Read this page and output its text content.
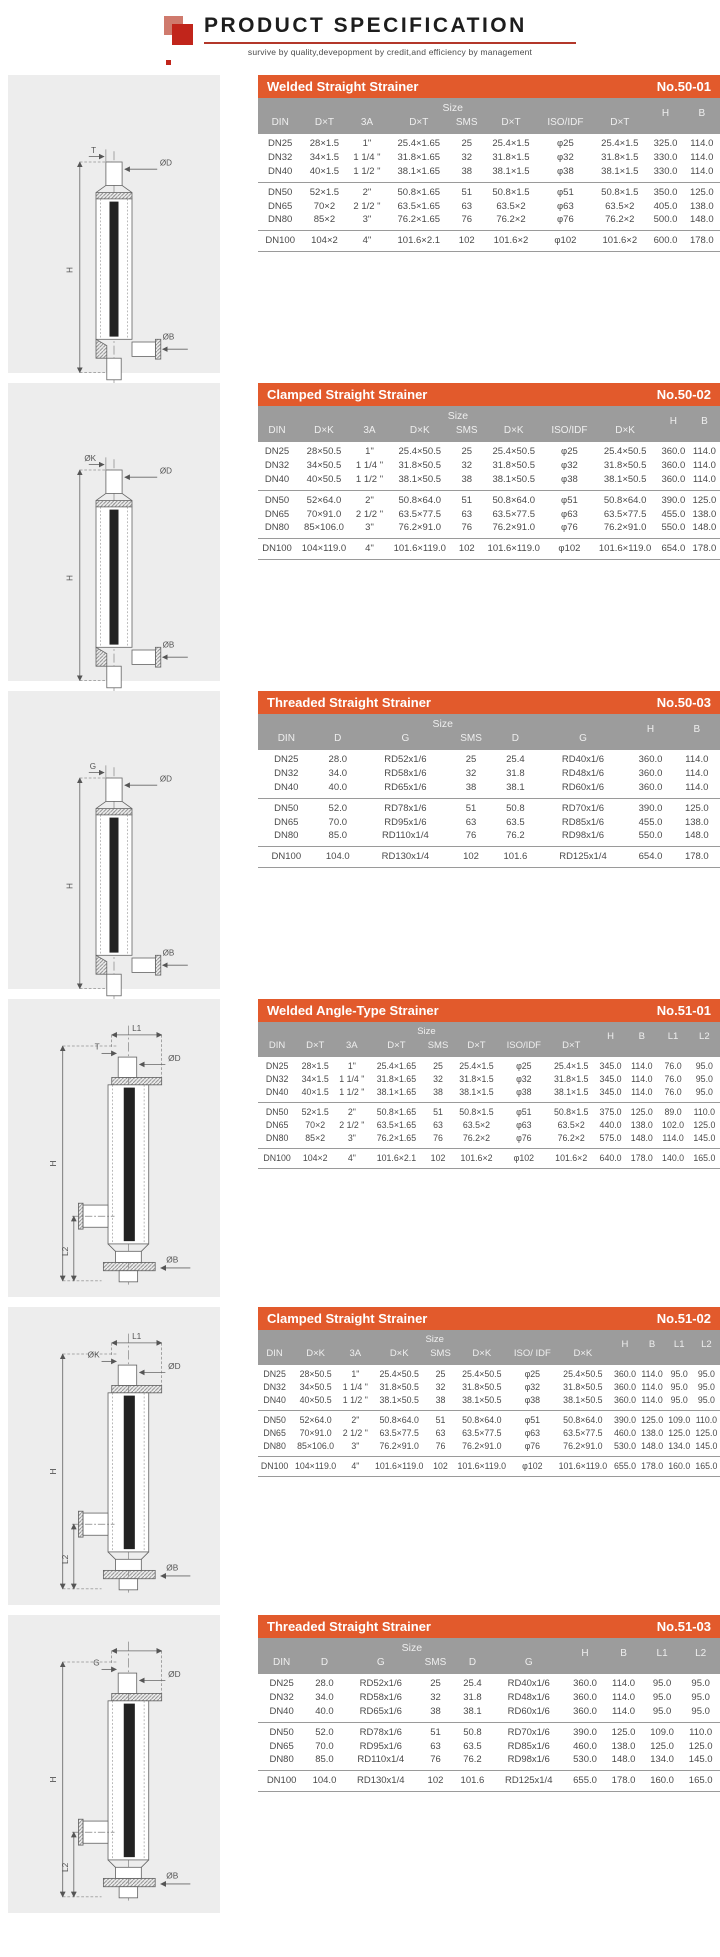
PRODUCT SPECIFICATION
survive by quality,devepopment by credit,and efficiency by management
T
ØD
H
ØB
Welded Straight Strainer	No.50-01
Size								H	B
DIN	D×T	3A	D×T	SMS	D×T	ISO/IDF	D×T		
DN25	28×1.5	1"	25.4×1.65	25	25.4×1.5	φ25	25.4×1.5	325.0	114.0
DN32	34×1.5	1 1/4 "	31.8×1.65	32	31.8×1.5	φ32	31.8×1.5	330.0	114.0
DN40	40×1.5	1 1/2 "	38.1×1.65	38	38.1×1.5	φ38	38.1×1.5	330.0	114.0
DN50	52×1.5	2"	50.8×1.65	51	50.8×1.5	φ51	50.8×1.5	350.0	125.0
DN65	70×2	2 1/2 "	63.5×1.65	63	63.5×2	φ63	63.5×2	405.0	138.0
DN80	85×2	3"	76.2×1.65	76	76.2×2	φ76	76.2×2	500.0	148.0
DN100	104×2	4"	101.6×2.1	102	101.6×2	φ102	101.6×2	600.0	178.0
ØK
ØD
H
ØB
Clamped Straight Strainer	No.50-02
Size								H	B
DIN	D×K	3A	D×K	SMS	D×K	ISO/IDF	D×K		
DN25	28×50.5	1"	25.4×50.5	25	25.4×50.5	φ25	25.4×50.5	360.0	114.0
DN32	34×50.5	1 1/4 "	31.8×50.5	32	31.8×50.5	φ32	31.8×50.5	360.0	114.0
DN40	40×50.5	1 1/2 "	38.1×50.5	38	38.1×50.5	φ38	38.1×50.5	360.0	114.0
DN50	52×64.0	2"	50.8×64.0	51	50.8×64.0	φ51	50.8×64.0	390.0	125.0
DN65	70×91.0	2 1/2 "	63.5×77.5	63	63.5×77.5	φ63	63.5×77.5	455.0	138.0
DN80	85×106.0	3"	76.2×91.0	76	76.2×91.0	φ76	76.2×91.0	550.0	148.0
DN100	104×119.0	4"	101.6×119.0	102	101.6×119.0	φ102	101.6×119.0	654.0	178.0
G
ØD
H
ØB
Threaded Straight Strainer	No.50-03
Size						H	B
DIN	D	G	SMS	D	G		
DN25	28.0	RD52x1/6	25	25.4	RD40x1/6	360.0	114.0
DN32	34.0	RD58x1/6	32	31.8	RD48x1/6	360.0	114.0
DN40	40.0	RD65x1/6	38	38.1	RD60x1/6	360.0	114.0
DN50	52.0	RD78x1/6	51	50.8	RD70x1/6	390.0	125.0
DN65	70.0	RD95x1/6	63	63.5	RD85x1/6	455.0	138.0
DN80	85.0	RD110x1/4	76	76.2	RD98x1/6	550.0	148.0
DN100	104.0	RD130x1/4	102	101.6	RD125x1/4	654.0	178.0
L1
T
ØD
H
L2
ØB
Welded Angle-Type Strainer	No.51-01
Size								H	B	L1	L2
DIN	D×T	3A	D×T	SMS	D×T	ISO/IDF	D×T				
DN25	28×1.5	1"	25.4×1.65	25	25.4×1.5	φ25	25.4×1.5	345.0	114.0	76.0	95.0
DN32	34×1.5	1 1/4 "	31.8×1.65	32	31.8×1.5	φ32	31.8×1.5	345.0	114.0	76.0	95.0
DN40	40×1.5	1 1/2 "	38.1×1.65	38	38.1×1.5	φ38	38.1×1.5	345.0	114.0	76.0	95.0
DN50	52×1.5	2"	50.8×1.65	51	50.8×1.5	φ51	50.8×1.5	375.0	125.0	89.0	110.0
DN65	70×2	2 1/2 "	63.5×1.65	63	63.5×2	φ63	63.5×2	440.0	138.0	102.0	125.0
DN80	85×2	3"	76.2×1.65	76	76.2×2	φ76	76.2×2	575.0	148.0	114.0	145.0
DN100	104×2	4"	101.6×2.1	102	101.6×2	φ102	101.6×2	640.0	178.0	140.0	165.0
L1
ØK
ØD
H
L2
ØB
Clamped Straight Strainer	No.51-02
Size								H	B	L1	L2
DIN	D×K	3A	D×K	SMS	D×K	ISO/ IDF	D×K				
DN25	28×50.5	1"	25.4×50.5	25	25.4×50.5	φ25	25.4×50.5	360.0	114.0	95.0	95.0
DN32	34×50.5	1 1/4 "	31.8×50.5	32	31.8×50.5	φ32	31.8×50.5	360.0	114.0	95.0	95.0
DN40	40×50.5	1 1/2 "	38.1×50.5	38	38.1×50.5	φ38	38.1×50.5	360.0	114.0	95.0	95.0
DN50	52×64.0	2"	50.8×64.0	51	50.8×64.0	φ51	50.8×64.0	390.0	125.0	109.0	110.0
DN65	70×91.0	2 1/2 "	63.5×77.5	63	63.5×77.5	φ63	63.5×77.5	460.0	138.0	125.0	125.0
DN80	85×106.0	3"	76.2×91.0	76	76.2×91.0	φ76	76.2×91.0	530.0	148.0	134.0	145.0
DN100	104×119.0	4"	101.6×119.0	102	101.6×119.0	φ102	101.6×119.0	655.0	178.0	160.0	165.0
G
ØD
H
L2
ØB
Threaded Straight Strainer	No.51-03
Size						H	B	L1	L2
DIN	D	G	SMS	D	G				
DN25	28.0	RD52x1/6	25	25.4	RD40x1/6	360.0	114.0	95.0	95.0
DN32	34.0	RD58x1/6	32	31.8	RD48x1/6	360.0	114.0	95.0	95.0
DN40	40.0	RD65x1/6	38	38.1	RD60x1/6	360.0	114.0	95.0	95.0
DN50	52.0	RD78x1/6	51	50.8	RD70x1/6	390.0	125.0	109.0	110.0
DN65	70.0	RD95x1/6	63	63.5	RD85x1/6	460.0	138.0	125.0	125.0
DN80	85.0	RD110x1/4	76	76.2	RD98x1/6	530.0	148.0	134.0	145.0
DN100	104.0	RD130x1/4	102	101.6	RD125x1/4	655.0	178.0	160.0	165.0
